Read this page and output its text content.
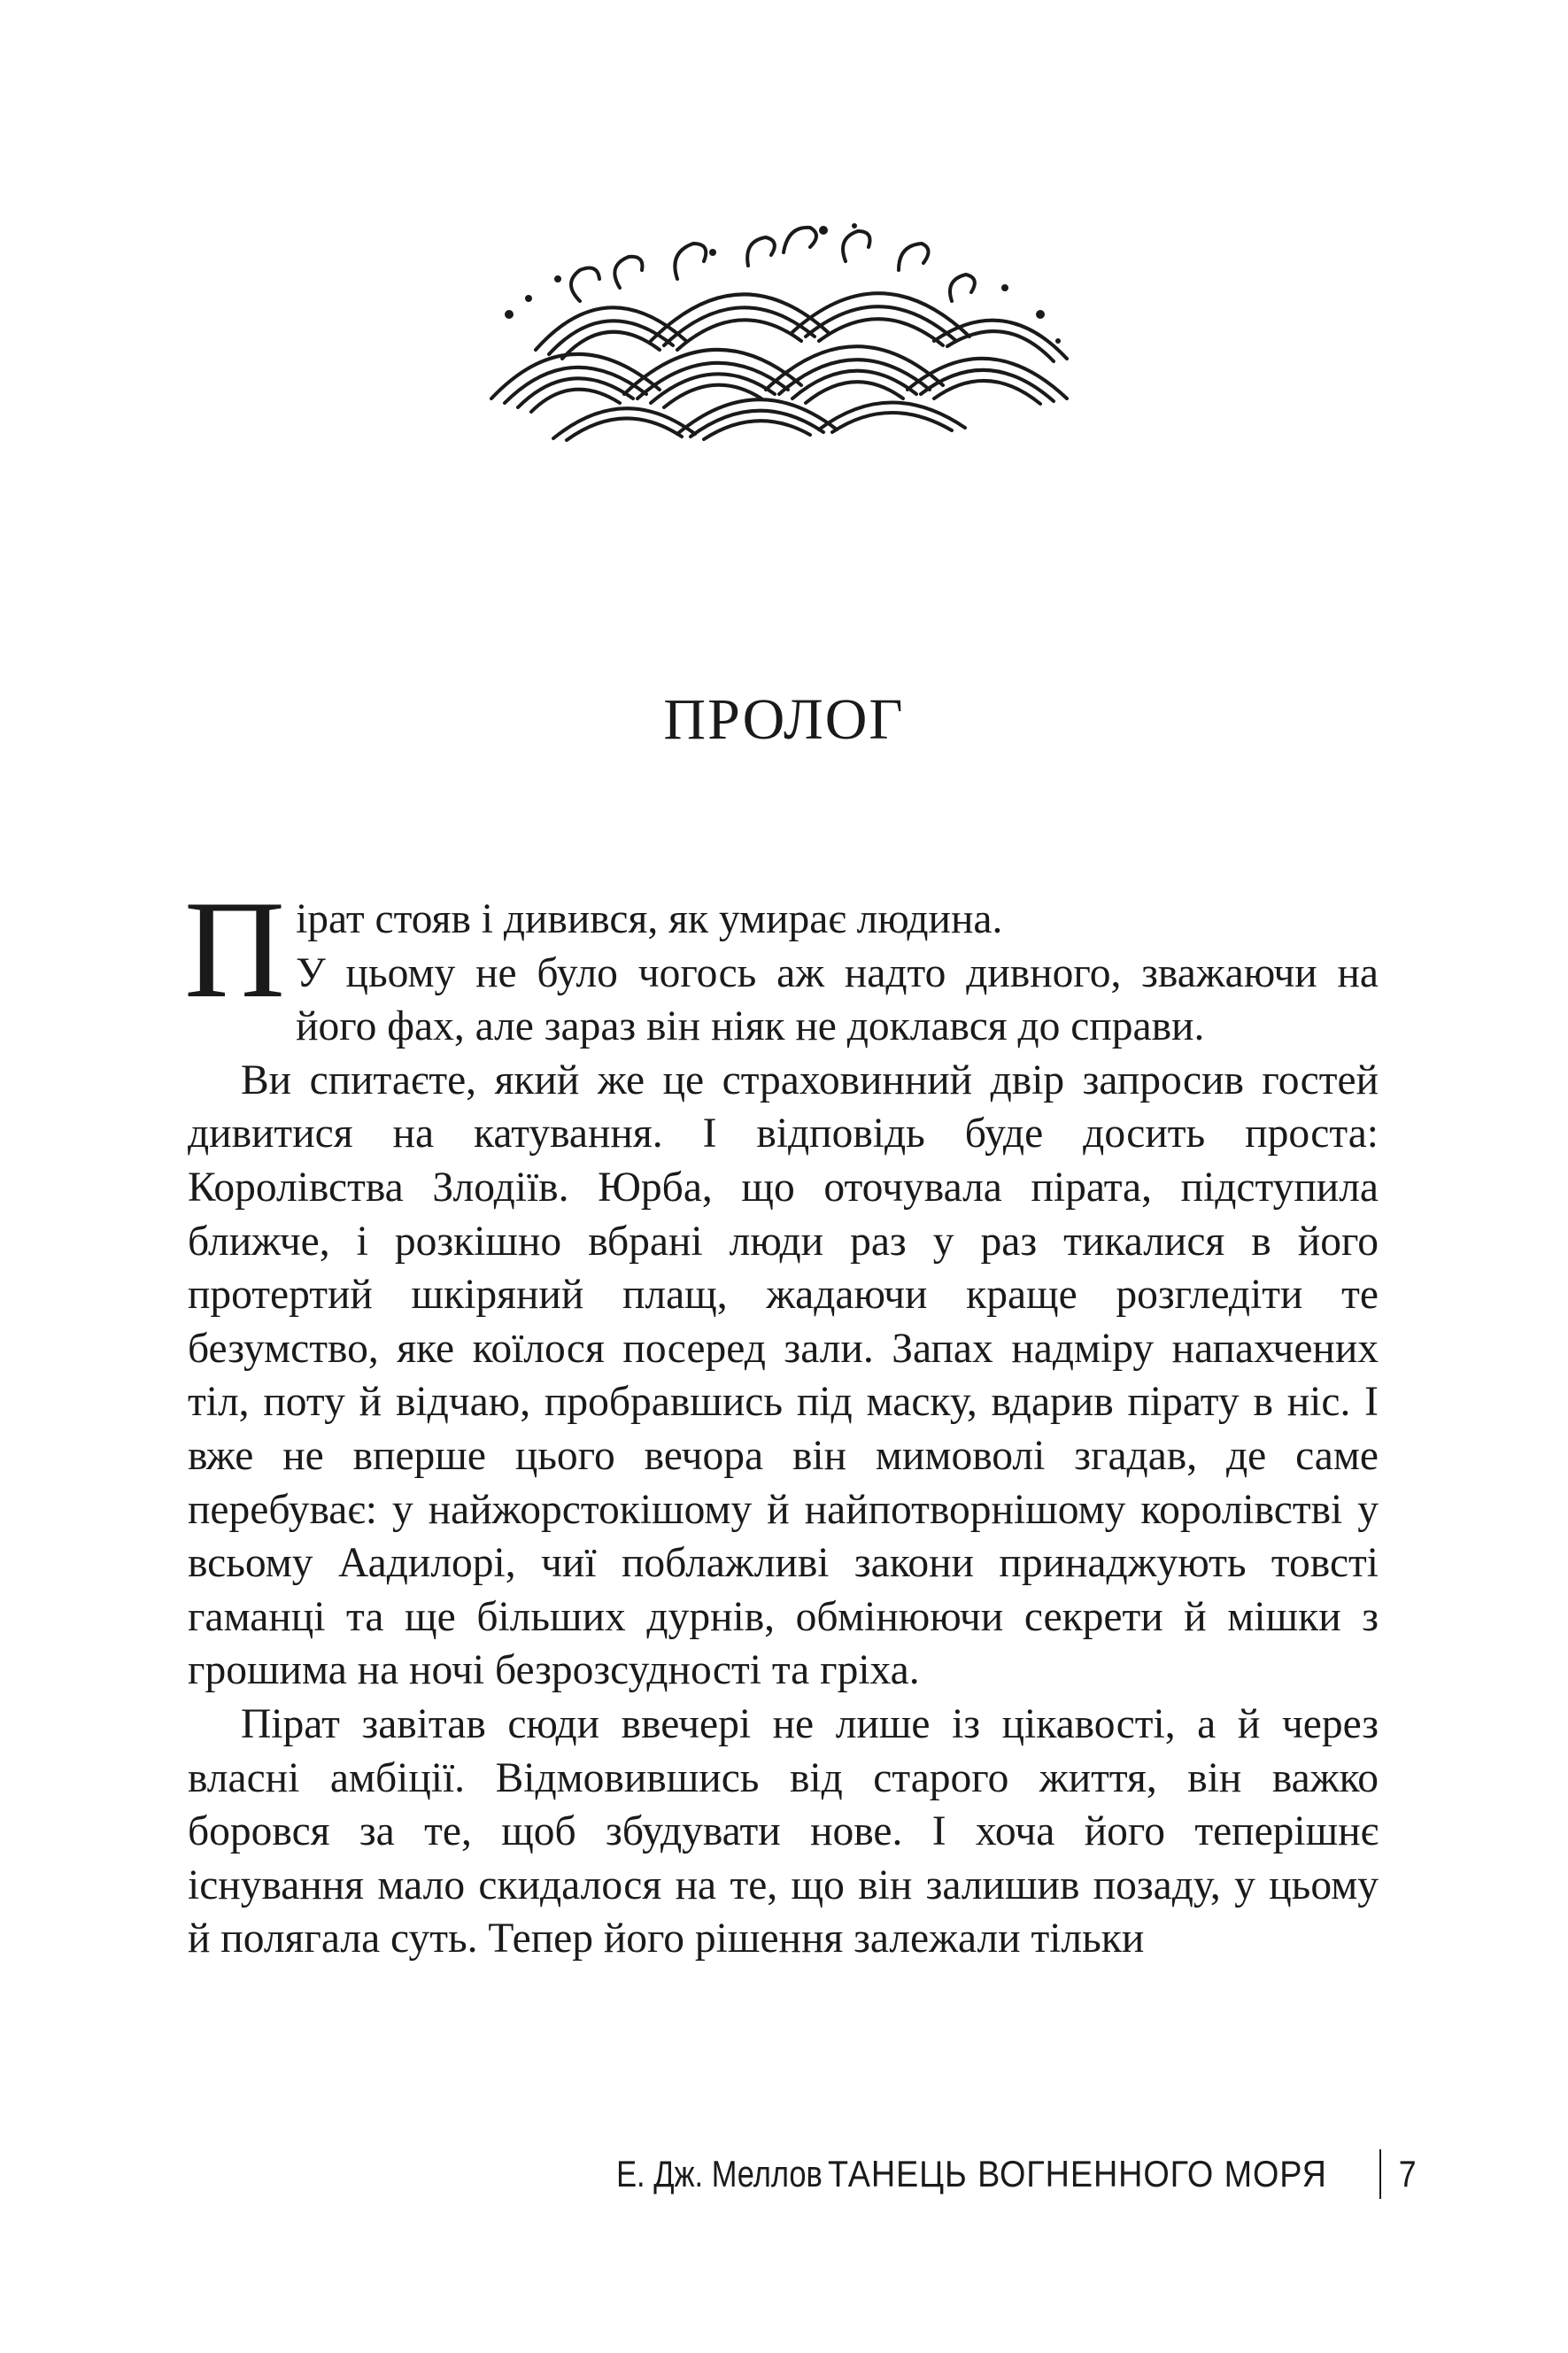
ПРОЛОГ

Пірат стояв і дивився, як умирає людина.
У цьому не було чогось аж надто дивного, зважаючи на його фах, але зараз він ніяк не доклався до справи.

Ви спитаєте, який же це страховинний двір запросив гостей дивитися на катування. І відповідь буде досить проста: Королівства Злодіїв. Юрба, що оточувала пірата, підступила ближче, і розкішно вбрані люди раз у раз тикалися в його протертий шкіряний плащ, жадаючи краще розгледіти те безумство, яке коїлося посеред зали. Запах надміру напахчених тіл, поту й відчаю, пробравшись під маску, вдарив пірату в ніс. І вже не вперше цього вечора він мимоволі згадав, де саме перебуває: у найжорстокішому й найпотворнішому королівстві у всьому Аадилорі, чиї поблажливі закони принаджують товсті гаманці та ще більших дурнів, обмінюючи секрети й мішки з грошима на ночі безрозсудності та гріха.

Пірат завітав сюди ввечері не лише із цікавості, а й через власні амбіції. Відмовившись від старого життя, він важко боровся за те, щоб збудувати нове. І хоча його теперішнє існування мало скидалося на те, що він залишив позаду, у цьому й полягала суть. Тепер його рішення залежали тільки

Е. Дж. Меллов ТАНЕЦЬ ВОГНЕННОГО МОРЯ 7
